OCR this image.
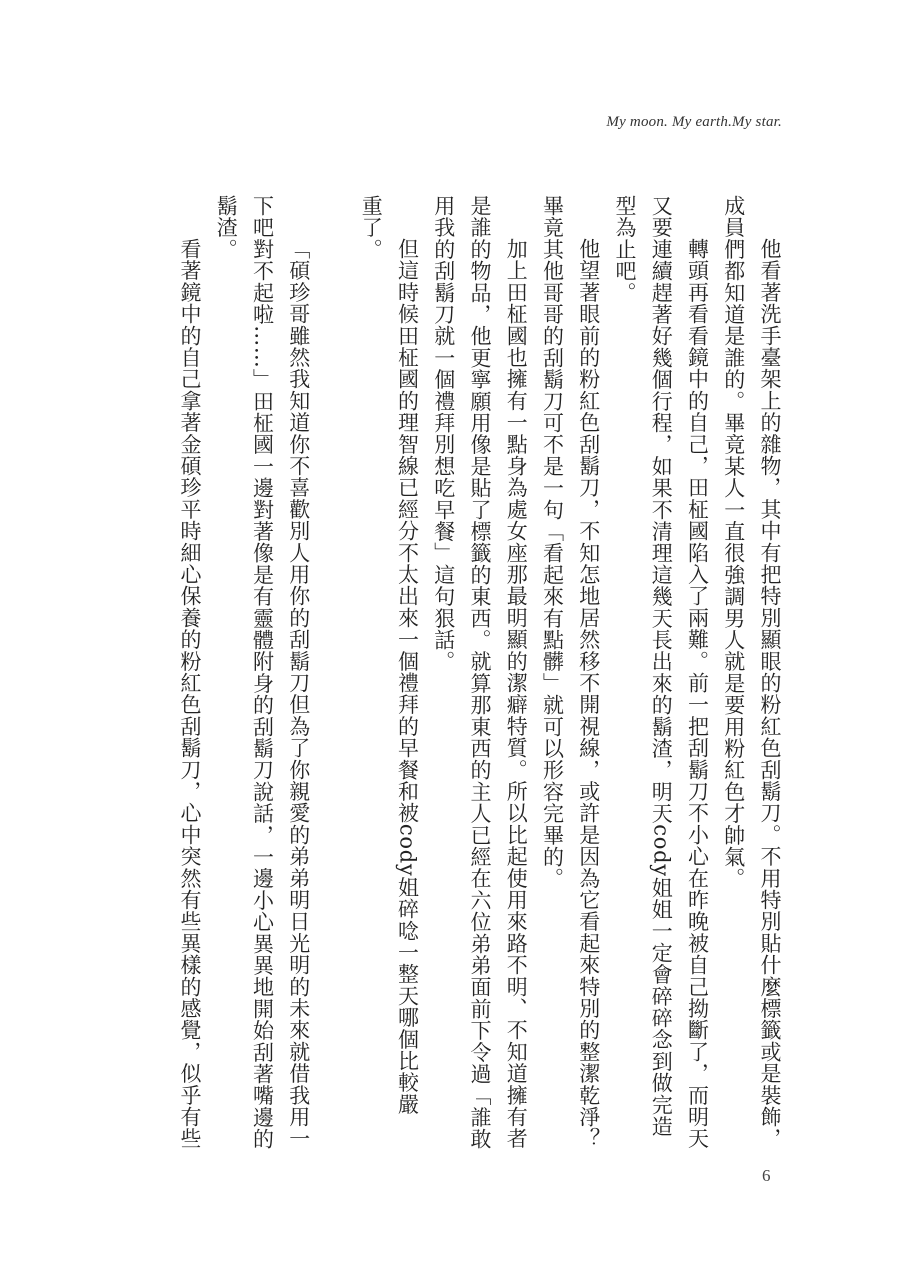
My moon. My earth.My star.
他看著洗手臺架上的雜物，其中有把特別顯眼的粉紅色刮鬍刀。不用特別貼什麼標籤或是裝飾，
成員們都知道是誰的。畢竟某人一直很強調男人就是要用粉紅色才帥氣。
轉頭再看看鏡中的自己，田柾國陷入了兩難。前一把刮鬍刀不小心在昨晚被自己拗斷了，而明天
又要連續趕著好幾個行程，如果不清理這幾天長出來的鬍渣，明天cody姐姐一定會碎碎念到做完造
型為止吧。
他望著眼前的粉紅色刮鬍刀，不知怎地居然移不開視線，或許是因為它看起來特別的整潔乾淨？
畢竟其他哥哥的刮鬍刀可不是一句「看起來有點髒」就可以形容完畢的。
加上田柾國也擁有一點身為處女座那最明顯的潔癖特質。所以比起使用來路不明、不知道擁有者
是誰的物品，他更寧願用像是貼了標籤的東西。就算那東西的主人已經在六位弟弟面前下令過「誰敢
用我的刮鬍刀就一個禮拜別想吃早餐」這句狠話。
但這時候田柾國的理智線已經分不太出來一個禮拜的早餐和被cody姐碎唸一整天哪個比較嚴
重了。
「碩珍哥雖然我知道你不喜歡別人用你的刮鬍刀但為了你親愛的弟弟明日光明的未來就借我用一
下吧對不起啦……」田柾國一邊對著像是有靈體附身的刮鬍刀說話，一邊小心異異地開始刮著嘴邊的
鬍渣。
看著鏡中的自己拿著金碩珍平時細心保養的粉紅色刮鬍刀，心中突然有些異樣的感覺，似乎有些
6
